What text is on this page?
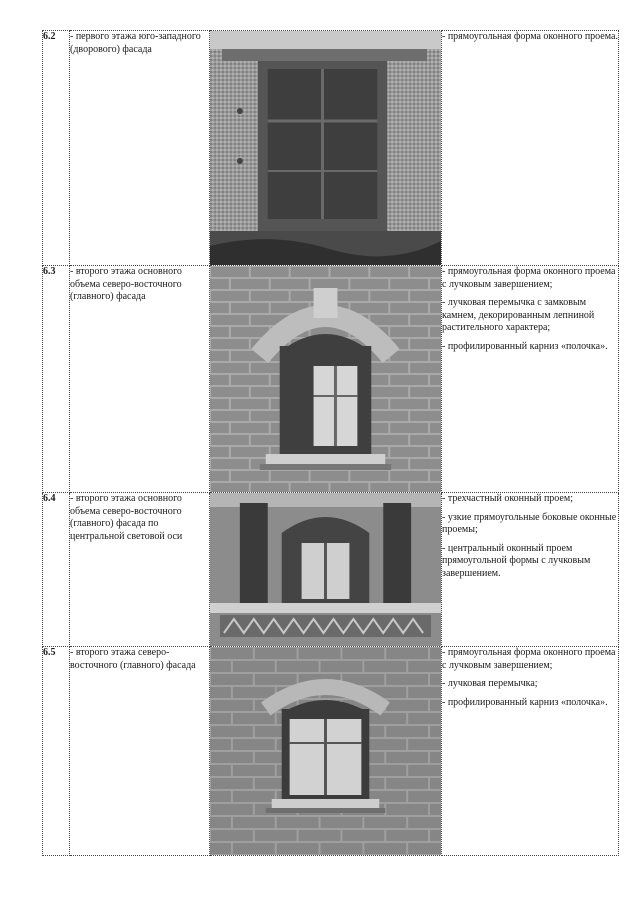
6.2	- первого этажа юго-западного (дворового) фасада		- прямоугольная форма оконного проема.

6.3	- второго этажа основного объема северо-восточного (главного) фасада		- прямоугольная форма оконного проема с лучковым завершением;

- лучковая перемычка с замковым камнем, декорированным лепниной растительного характера;

- профилированный карниз «полочка».

6.4	- второго этажа основного объема северо-восточного (главного) фасада по центральной световой оси		- трехчастный оконный проем;

- узкие прямоугольные боковые оконные проемы;

- центральный оконный проем прямоугольной формы с лучковым завершением.

6.5	- второго этажа северо-восточного (главного) фасада		- прямоугольная форма оконного проема с лучковым завершением;

- лучковая перемычка;

- профилированный карниз «полочка».
